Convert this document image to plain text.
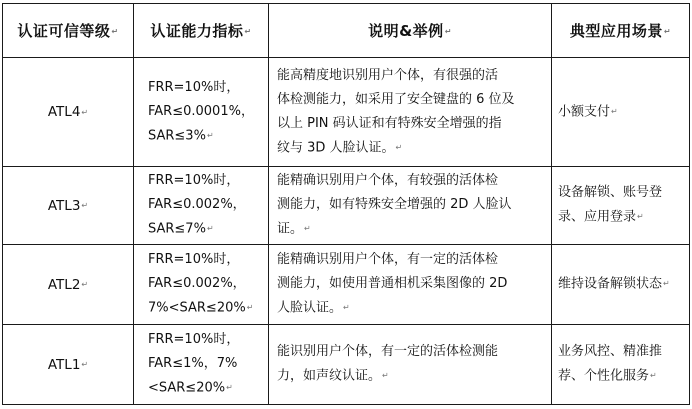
认证可信等级↵	认证能力指标↵	说明&举例↵	典型应用场景↵
ATL4↵	FRR=10%时，
FAR≤0.0001%，
SAR≤3%↵	能高精度地识别用户个体，有很强的活
体检测能力，如采用了安全键盘的 6 位及
以上 PIN 码认证和有特殊安全增强的指
纹与 3D 人脸认证。↵	小额支付↵

ATL3↵	FRR=10%时，
FAR≤0.002%，
SAR≤7%↵	能精确识别用户个体，有较强的活体检
测能力，如有特殊安全增强的 2D 人脸认
证。↵	设备解锁、账号登
录、应用登录↵

ATL2↵	FRR=10%时，
FAR≤0.002%，
7%<SAR≤20%↵	能精确识别用户个体，有一定的活体检
测能力，如使用普通相机采集图像的 2D
人脸认证。↵	维持设备解锁状态↵

ATL1↵	FRR=10%时，
FAR≤1%，7%
<SAR≤20%↵	能识别用户个体，有一定的活体检测能
力，如声纹认证。↵	业务风控、精准推
荐、个性化服务↵
